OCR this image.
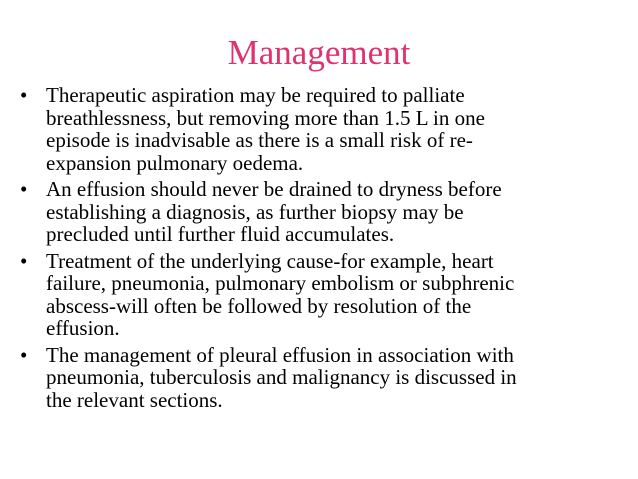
Management
• Therapeutic aspiration may be required to palliate
breathlessness, but removing more than 1.5 L in one
episode is inadvisable as there is a small risk of re-
expansion pulmonary oedema.
• An effusion should never be drained to dryness before
establishing a diagnosis, as further biopsy may be
precluded until further fluid accumulates.
• Treatment of the underlying cause-for example, heart
failure, pneumonia, pulmonary embolism or subphrenic
abscess-will often be followed by resolution of the
effusion.
• The management of pleural effusion in association with
pneumonia, tuberculosis and malignancy is discussed in
the relevant sections.
